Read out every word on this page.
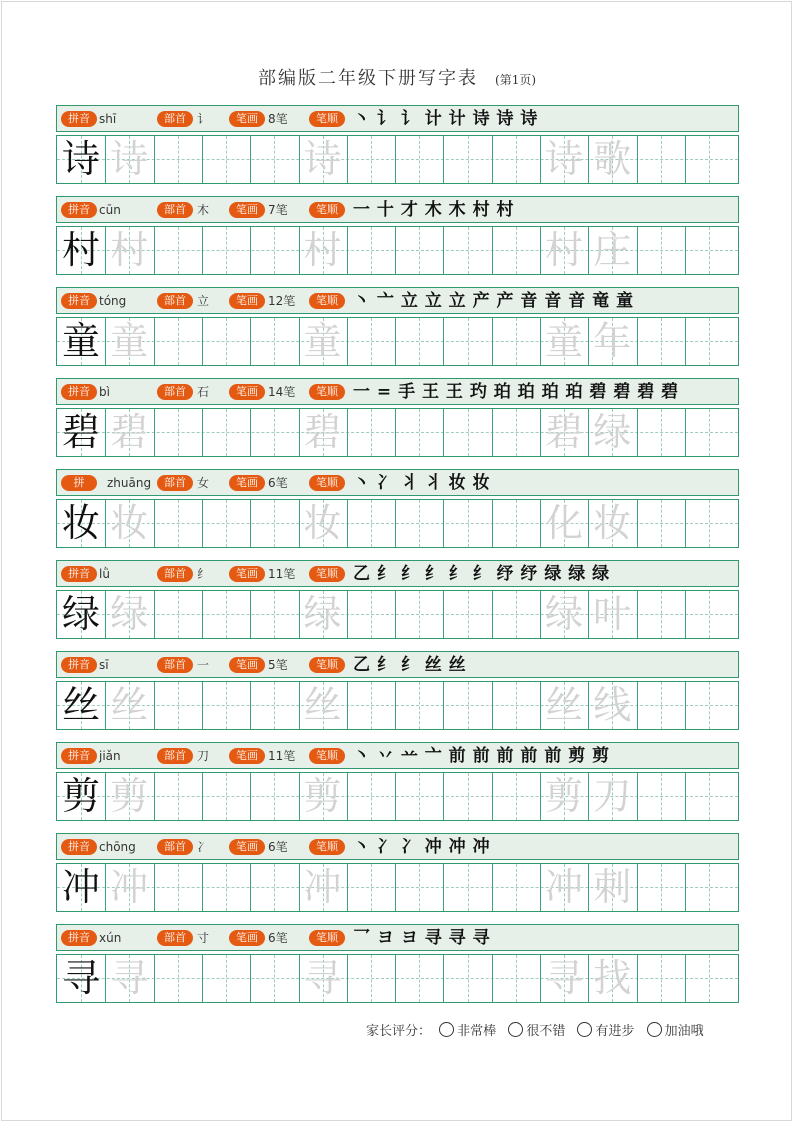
部编版二年级下册写字表 (第1页)
拼音 shī	部首 讠	笔画 8笔	笔顺 丶 讠 讠 计 计 诗 诗 诗
诗 诗	诗	诗 歌
拼音 cūn	部首 木	笔画 7笔	笔顺 一 十 才 木 木 村 村
村 村	村	村 庄
拼音 tóng	部首 立	笔画 12笔	笔顺 丶 亠 立 立 立 产 产 音 音 音 竜 童
童 童	童	童 年
拼音 bì	部首 石	笔画 14笔	笔顺 一 = 手 王 王 玓 珀 珀 珀 珀 碧 碧 碧 碧
碧 碧	碧	碧 绿
拼	zhuāng	部首 女	笔画 6笔	笔顺 丶 冫 丬 丬 妆 妆
妆 妆	妆	化 妆
拼音 lǜ	部首 纟	笔画 11笔	笔顺 乙 纟 纟 纟 纟 纟 纾 纾 绿 绿 绿
绿 绿	绿	绿 叶
拼音 sī	部首 一	笔画 5笔	笔顺 乙 纟 纟 丝 丝
丝 丝	丝	丝 线
拼音 jiǎn	部首 刀	笔画 11笔	笔顺 丶 丷 䒑 亠 前 前 前 前 前 剪 剪
剪 剪	剪	剪 刀
拼音 chōng	部首 冫	笔画 6笔	笔顺 丶 冫 冫 冲 冲 冲
冲 冲	冲	冲 刺
拼音 xún	部首 寸	笔画 6笔	笔顺 乛 ヨ ヨ 寻 寻 寻
寻 寻	寻	寻 找
家长评分： 非常棒 很不错 有进步 加油哦
